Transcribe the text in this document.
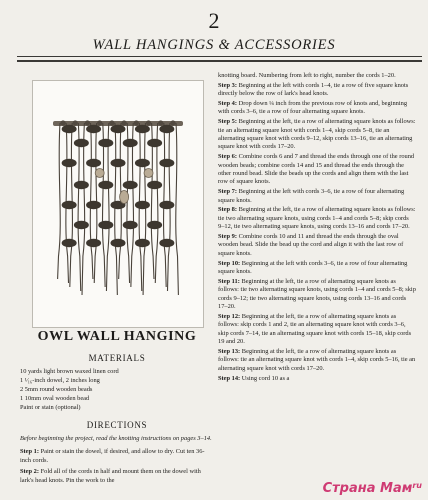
2
WALL HANGINGS & ACCESSORIES
OWL WALL HANGING
MATERIALS
10 yards light brown waxed linen cord
1 ¹⁄₁₆-inch dowel, 2 inches long
2 5mm round wooden beads
1 10mm oval wooden bead
Paint or stain (optional)
DIRECTIONS

Before beginning the project, read the knotting instructions on pages 3–14.

Step 1: Paint or stain the dowel, if desired, and allow to dry. Cut ten 36-inch cords.

Step 2: Fold all of the cords in half and mount them on the dowel with lark's head knots. Pin the work to the

knotting board. Numbering from left to right, number the cords 1–20.

Step 3: Beginning at the left with cords 1–4, tie a row of five square knots directly below the row of lark's head knots.

Step 4: Drop down ¼ inch from the previous row of knots and, beginning with cords 3–6, tie a row of four alternating square knots.

Step 5: Beginning at the left, tie a row of alternating square knots as follows: tie an alternating square knot with cords 1–4, skip cords 5–8, tie an alternating square knot with cords 9–12, skip cords 13–16, tie an alternating square knot with cords 17–20.

Step 6: Combine cords 6 and 7 and thread the ends through one of the round wooden beads; combine cords 14 and 15 and thread the ends through the other round bead. Slide the beads up the cords and align them with the last row of square knots.

Step 7: Beginning at the left with cords 3–6, tie a row of four alternating square knots.

Step 8: Beginning at the left, tie a row of alternating square knots as follows: tie two alternating square knots, using cords 1–4 and cords 5–8; skip cords 9–12, tie two alternating square knots, using cords 13–16 and cords 17–20.

Step 9: Combine cords 10 and 11 and thread the ends through the oval wooden bead. Slide the bead up the cord and align it with the last row of square knots.

Step 10: Beginning at the left with cords 3–6, tie a row of four alternating square knots.

Step 11: Beginning at the left, tie a row of alternating square knots as follows: tie two alternating square knots, using cords 1–4 and cords 5–8; skip cords 9–12; tie two alternating square knots, using cords 13–16 and cords 17–20.

Step 12: Beginning at the left, tie a row of alternating square knots as follows: skip cords 1 and 2, tie an alternating square knot with cords 3–6, skip cords 7–14, tie an alternating square knot with cords 15–18, skip cords 19 and 20.

Step 13: Beginning at the left, tie a row of alternating square knots as follows: tie an alternating square knot with cords 1–4, skip cords 5–16, tie an alternating square knot with cords 17–20.

Step 14: Using cord 10 as a

Страна Мам$^{ru}$
